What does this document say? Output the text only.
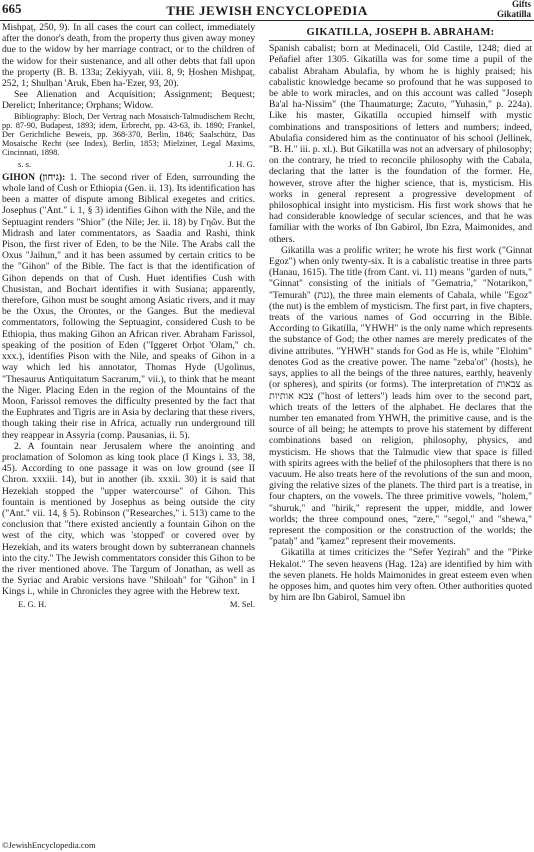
665	THE JEWISH ENCYCLOPEDIA	Gifts
Gikatilla

Mishpaṭ, 250, 9). In all cases the court can collect, immediately after the donor's death, from the property thus given away money due to the widow by her marriage contract, or to the children of the widow for their sustenance, and all other debts that fall upon the property (B. B. 133a; Zekiyyah, viii. 8, 9; Ḥoshen Mishpaṭ, 252, 1; Shulḥan 'Aruk, Eben ha-'Ezer, 93, 20).

See Alienation and Acquisition; Assignment; Bequest; Derelict; Inheritance; Orphans; Widow.

Bibliography: Bloch, Der Vertrag nach Mosaisch-Talmudischem Recht, pp. 87-90, Budapest, 1893; idem, Erbrecht, pp. 43-63, ib. 1890; Frankel, Der Gerichtliche Beweis, pp. 368-370, Berlin, 1846; Saalschütz, Das Mosaische Recht (see Index), Berlin, 1853; Mielziner, Legal Maxims, Cincinnati, 1898.

s. s.	J. H. G.

GIHON (גיחון): 1. The second river of Eden, surrounding the whole land of Cush or Ethiopia (Gen. ii. 13). Its identification has been a matter of dispute among Biblical exegetes and critics. Josephus ("Ant." i. 1, § 3) identifies Gihon with the Nile, and the Septuagint renders "Shior" (the Nile; Jer. ii. 18) by Γηῶν. But the Midrash and later commentators, as Saadia and Rashi, think Pison, the first river of Eden, to be the Nile. The Arabs call the Oxus "Jaihun," and it has been assumed by certain critics to be the "Gihon" of the Bible. The fact is that the identification of Gihon depends on that of Cush. Huet identifies Cush with Chusistan, and Bochart identifies it with Susiana; apparently, therefore, Gihon must be sought among Asiatic rivers, and it may be the Oxus, the Orontes, or the Ganges. But the medieval commentators, following the Septuagint, considered Cush to be Ethiopia, thus making Gihon an African river. Abraham Farissol, speaking of the position of Eden ("Iggeret Orḥot 'Olam," ch. xxx.), identifies Pison with the Nile, and speaks of Gihon in a way which led his annotator, Thomas Hyde (Ugolinus, "Thesaurus Antiquitatum Sacrarum," vii.), to think that he meant the Niger. Placing Eden in the region of the Mountains of the Moon, Farissol removes the difficulty presented by the fact that the Euphrates and Tigris are in Asia by declaring that these rivers, though taking their rise in Africa, actually run underground till they reappear in Assyria (comp. Pausanias, ii. 5).

2. A fountain near Jerusalem where the anointing and proclamation of Solomon as king took place (I Kings i. 33, 38, 45). According to one passage it was on low ground (see II Chron. xxxiii. 14), but in another (ib. xxxii. 30) it is said that Hezekiah stopped the "upper watercourse" of Gihon. This fountain is mentioned by Josephus as being outside the city ("Ant." vii. 14, § 5). Robinson ("Researches," i. 513) came to the conclusion that "there existed anciently a fountain Gihon on the west of the city, which was 'stopped' or covered over by Hezekiah, and its waters brought down by subterranean channels into the city." The Jewish commentators consider this Gihon to be the river mentioned above. The Targum of Jonathan, as well as the Syriac and Arabic versions have "Shiloah" for "Gihon" in I Kings i., while in Chronicles they agree with the Hebrew text.

E. G. H.	M. Sel.
GIKATILLA, JOSEPH B. ABRAHAM:

Spanish cabalist; born at Medinaceli, Old Castile, 1248; died at Peñafiel after 1305. Gikatilla was for some time a pupil of the cabalist Abraham Abulafia, by whom he is highly praised; his cabalistic knowledge became so profound that he was supposed to be able to work miracles, and on this account was called "Joseph Ba'al ha-Nissim" (the Thaumaturge; Zacuto, "Yuhasin," p. 224a). Like his master, Gikatilla occupied himself with mystic combinations and transpositions of letters and numbers; indeed, Abulafia considered him as the continuator of his school (Jellinek, "B. H." iii. p. xl.). But Gikatilla was not an adversary of philosophy; on the contrary, he tried to reconcile philosophy with the Cabala, declaring that the latter is the foundation of the former. He, however, strove after the higher science, that is, mysticism. His works in general represent a progressive development of philosophical insight into mysticism. His first work shows that he had considerable knowledge of secular sciences, and that he was familiar with the works of Ibn Gabirol, Ibn Ezra, Maimonides, and others.

Gikatilla was a prolific writer; he wrote his first work ("Ginnat Egoz") when only twenty-six. It is a cabalistic treatise in three parts (Hanau, 1615). The title (from Cant. vi. 11) means "garden of nuts," "Ginnat" consisting of the initials of "Gematria," "Notarikon," "Temurah" (גנת), the three main elements of Cabala, while "Egoz" (the nut) is the emblem of mysticism. The first part, in five chapters, treats of the various names of God occurring in the Bible. According to Gikatilla, "YHWH" is the only name which represents the substance of God; the other names are merely predicates of the divine attributes. "YHWH" stands for God as He is, while "Elohim" denotes God as the creative power. The name "zeba'ot" (hosts), he says, applies to all the beings of the three natures, earthly, heavenly (or spheres), and spirits (or forms). The interpretation of צבאות as צבא אותיות ("host of letters") leads him over to the second part, which treats of the letters of the alphabet. He declares that the number ten emanated from YHWH, the primitive cause, and is the source of all being; he attempts to prove his statement by different combinations based on religion, philosophy, physics, and mysticism. He shows that the Talmudic view that space is filled with spirits agrees with the belief of the philosophers that there is no vacuum. He also treats here of the revolutions of the sun and moon, giving the relative sizes of the planets. The third part is a treatise, in four chapters, on the vowels. The three primitive vowels, "holem," "shuruk," and "hirik," represent the upper, middle, and lower worlds; the three compound ones, "zere," "segol," and "shewa," represent the composition or the construction of the worlds; the "pataḥ" and "ḳamez" represent their movements.

Gikatilla at times criticizes the "Sefer Yeẓirah" and the "Pirke Hekalot." The seven heavens (Hag. 12a) are identified by him with the seven planets. He holds Maimonides in great esteem even when he opposes him, and quotes him very often. Other authorities quoted by him are Ibn Gabirol, Samuel ibn

©JewishEncyclopedia.com
